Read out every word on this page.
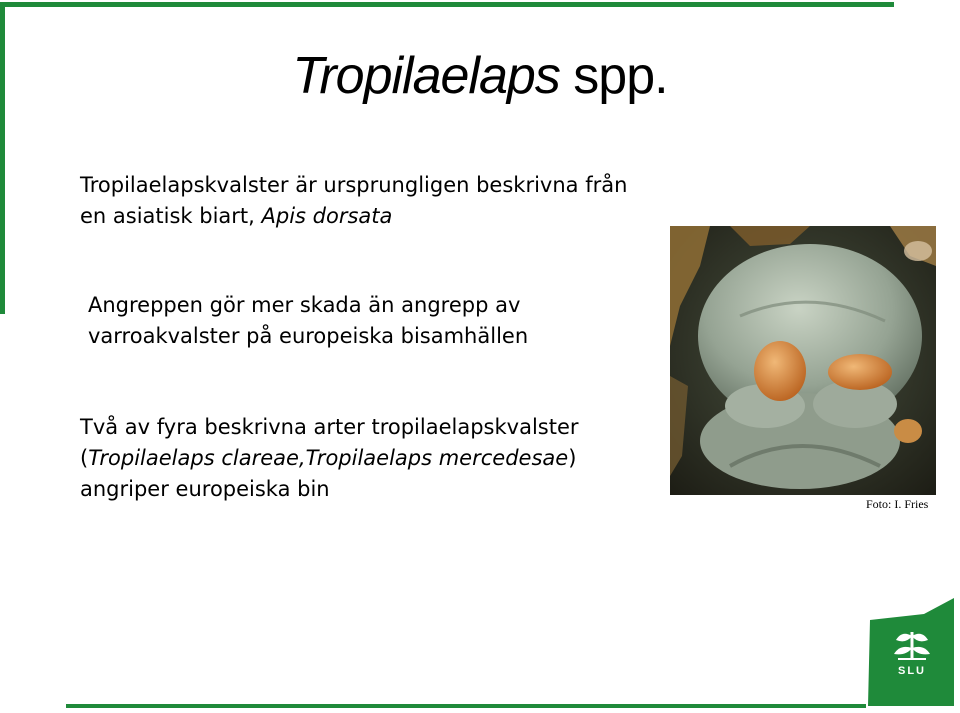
Tropilaelaps spp.
Tropilaelapskvalster är ursprungligen beskrivna från en asiatisk biart, Apis dorsata
Angreppen gör mer skada än angrepp av varroakvalster på europeiska bisamhällen
Två av fyra beskrivna arter tropilaelapskvalster (Tropilaelaps clareae,Tropilaelaps mercedesae) angriper europeiska bin
Foto: I. Fries
SLU
